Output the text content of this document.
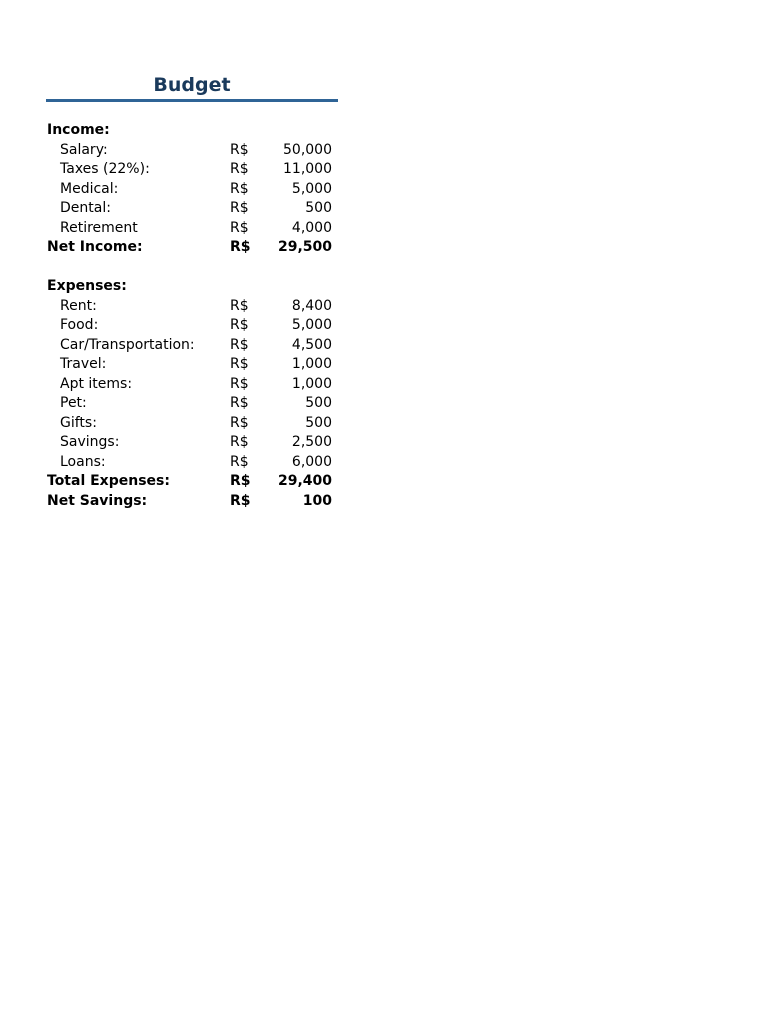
Budget
Income:
Salary:	R$ 50,000
Taxes (22%):	R$ 11,000
Medical:	R$	5,000
Dental:	R$	500
Retirement	R$	4,000
Net Income:	R$ 29,500
Expenses:
Rent:	R$	8,400
Food:	R$	5,000
Car/Transportation:	R$	4,500
Travel:	R$	1,000
Apt items:	R$	1,000
Pet:	R$	500
Gifts:	R$	500
Savings:	R$	2,500
Loans:	R$	6,000
Total Expenses:	R$ 29,400
Net Savings:	R$	100
